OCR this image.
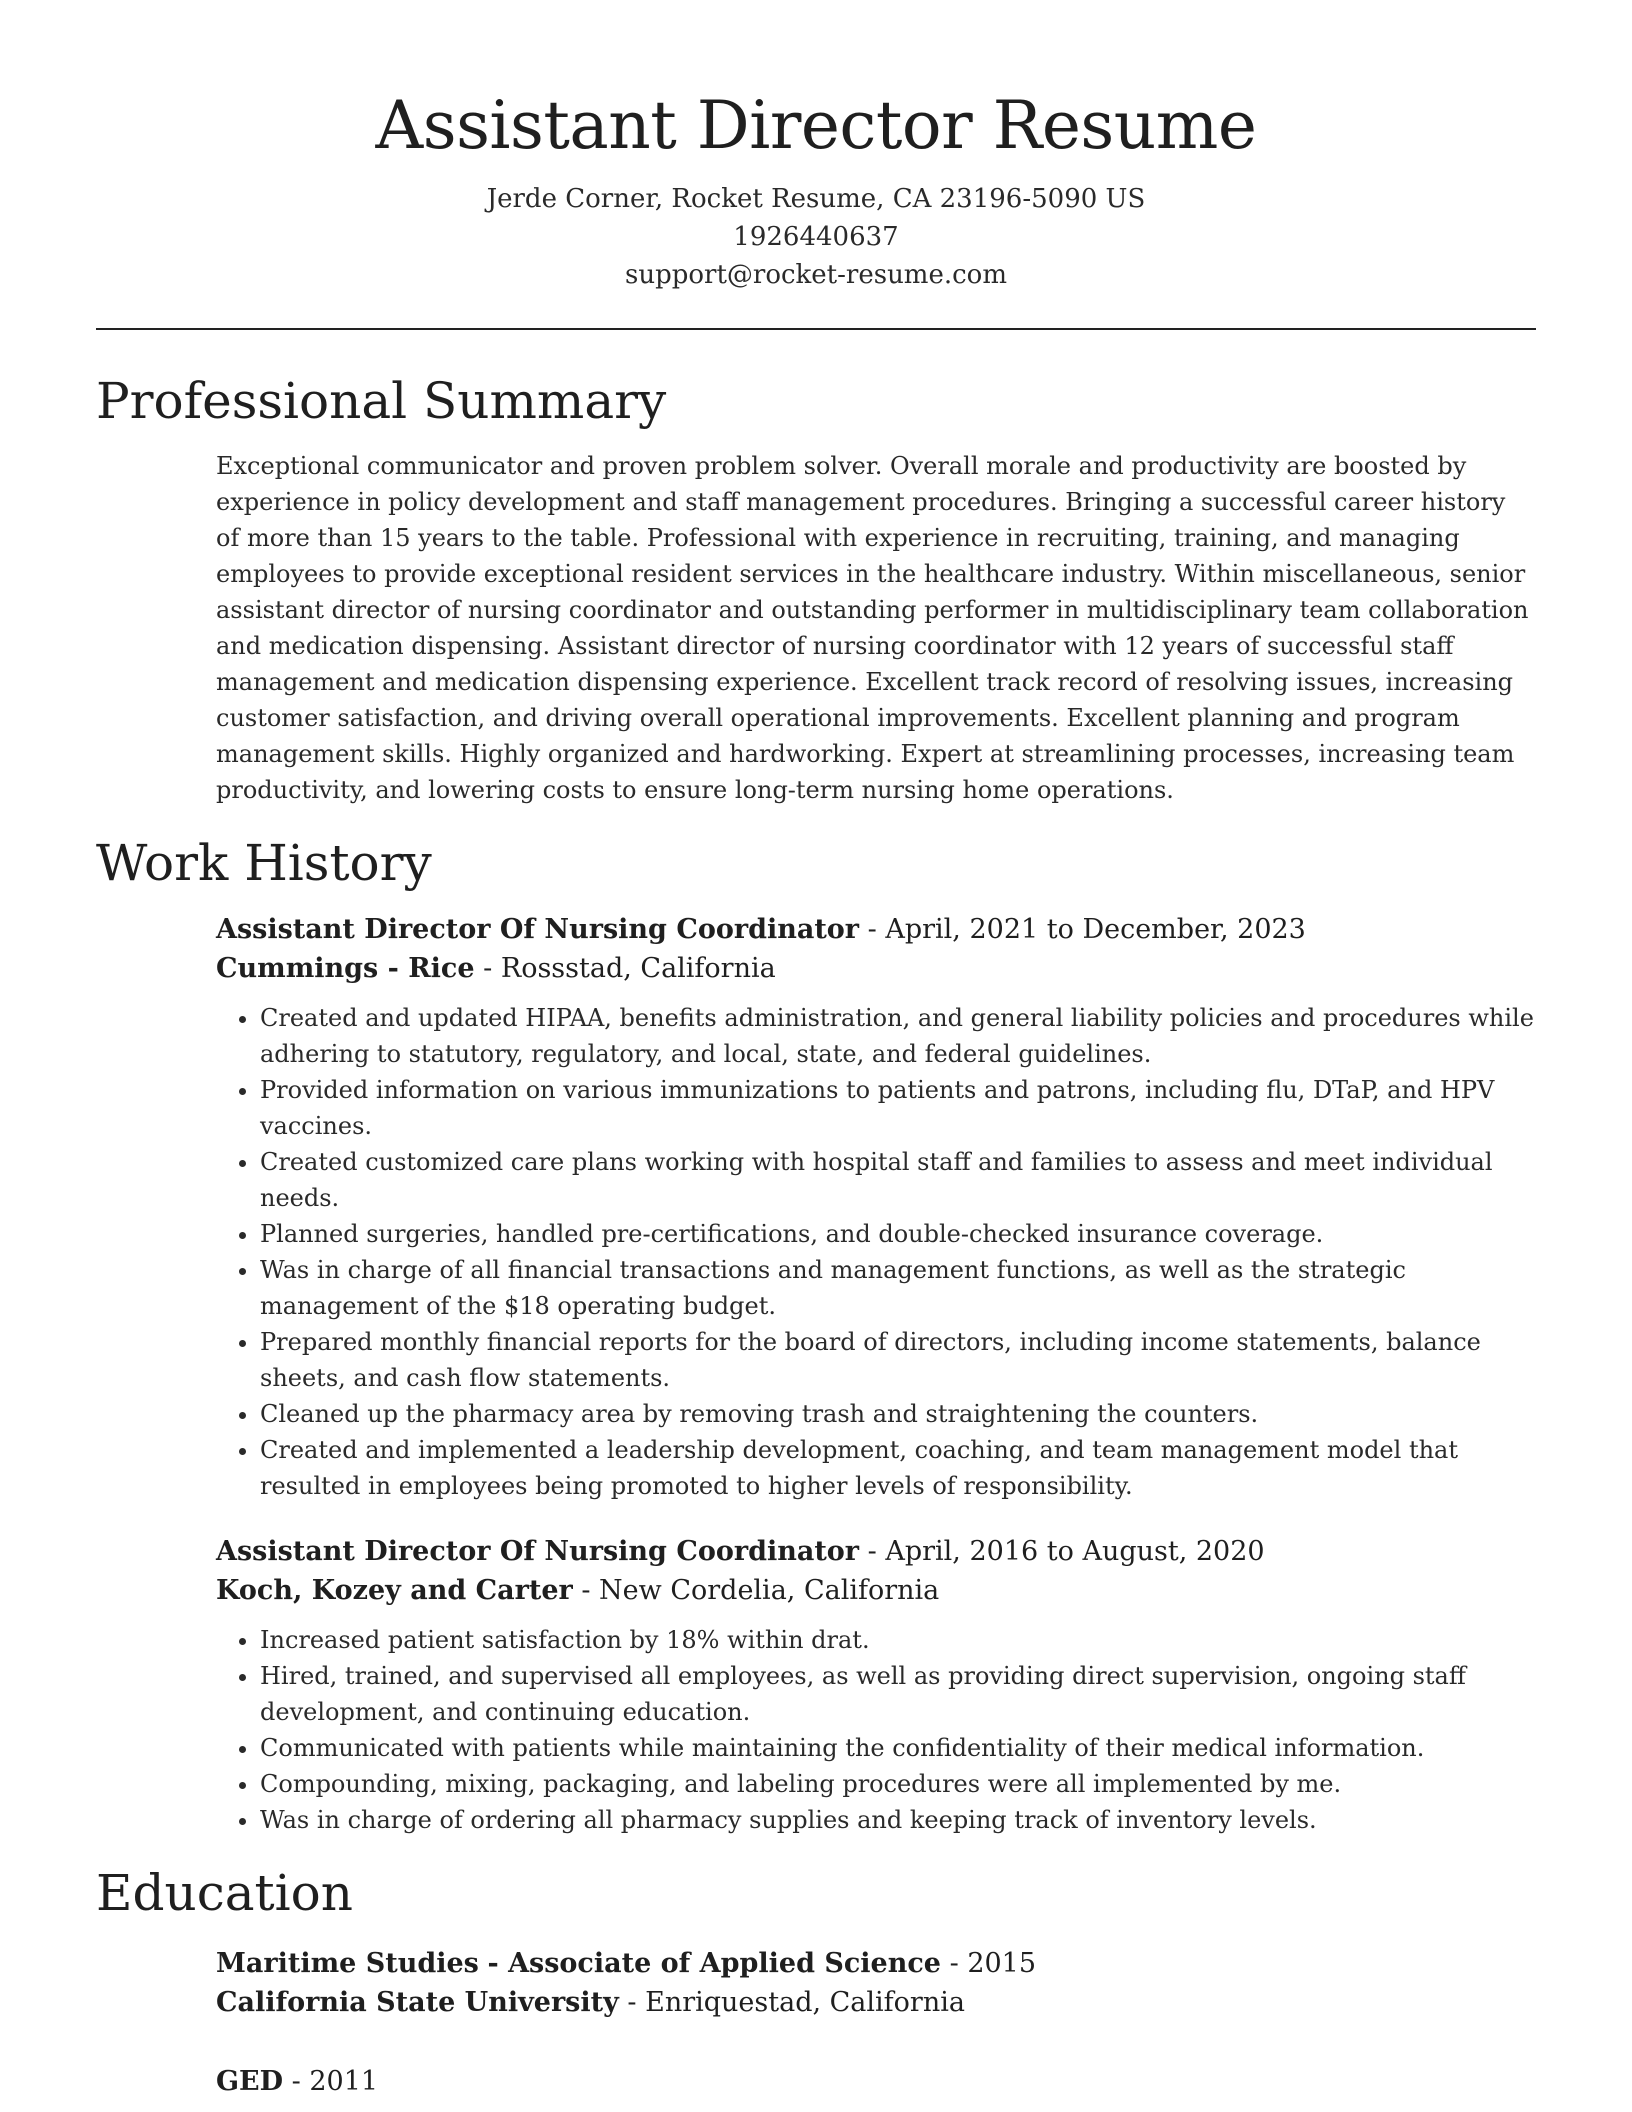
Assistant Director Resume
Jerde Corner, Rocket Resume, CA 23196-5090 US
1926440637
support@rocket-resume.com
Professional Summary

Exceptional communicator and proven problem solver. Overall morale and productivity are boosted by experience in policy development and staff management procedures. Bringing a successful career history of more than 15 years to the table. Professional with experience in recruiting, training, and managing employees to provide exceptional resident services in the healthcare industry. Within miscellaneous, senior assistant director of nursing coordinator and outstanding performer in multidisciplinary team collaboration and medication dispensing. Assistant director of nursing coordinator with 12 years of successful staff management and medication dispensing experience. Excellent track record of resolving issues, increasing customer satisfaction, and driving overall operational improvements. Excellent planning and program management skills. Highly organized and hardworking. Expert at streamlining processes, increasing team productivity, and lowering costs to ensure long-term nursing home operations.

Work History
Assistant Director Of Nursing Coordinator - April, 2021 to December, 2023
Cummings - Rice - Rossstad, California
• Created and updated HIPAA, benefits administration, and general liability policies and procedures while adhering to statutory, regulatory, and local, state, and federal guidelines.
• Provided information on various immunizations to patients and patrons, including flu, DTaP, and HPV vaccines.
• Created customized care plans working with hospital staff and families to assess and meet individual needs.
• Planned surgeries, handled pre-certifications, and double-checked insurance coverage.
• Was in charge of all financial transactions and management functions, as well as the strategic management of the $18 operating budget.
• Prepared monthly financial reports for the board of directors, including income statements, balance sheets, and cash flow statements.
• Cleaned up the pharmacy area by removing trash and straightening the counters.
• Created and implemented a leadership development, coaching, and team management model that resulted in employees being promoted to higher levels of responsibility.
Assistant Director Of Nursing Coordinator - April, 2016 to August, 2020
Koch, Kozey and Carter - New Cordelia, California
• Increased patient satisfaction by 18% within drat.
• Hired, trained, and supervised all employees, as well as providing direct supervision, ongoing staff development, and continuing education.
• Communicated with patients while maintaining the confidentiality of their medical information.
• Compounding, mixing, packaging, and labeling procedures were all implemented by me.
• Was in charge of ordering all pharmacy supplies and keeping track of inventory levels.
Education
Maritime Studies - Associate of Applied Science - 2015
California State University - Enriquestad, California
GED - 2011
